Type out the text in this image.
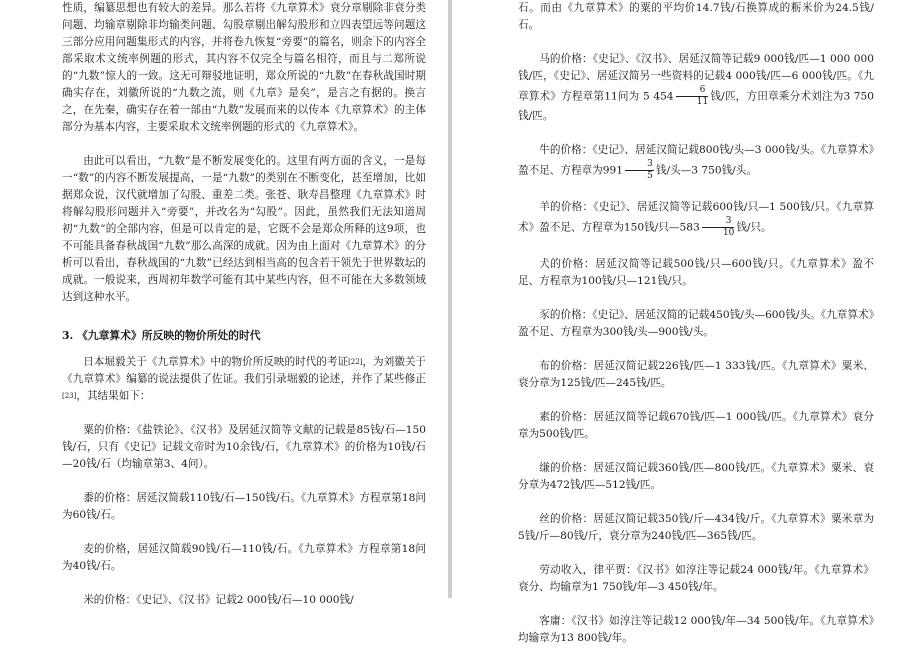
性质，编纂思想也有较大的差异。那么若将《九章算术》衰分章剔除非衰分类问题、均输章剔除非均输类问题、勾股章剔出解勾股形和立四表望远等问题这三部分应用问题集形式的内容，并将卷九恢复“旁要”的篇名，则余下的内容全部采取术文统率例题的形式，其内容不仅完全与篇名相符，而且与二郑所说的“九数”惊人的一致。这无可辩驳地证明，郑众所说的“九数”在春秋战国时期确实存在，刘徽所说的“九数之流，则《九章》是矣”，是言之有据的。换言之，在先秦，确实存在着一部由“九数”发展而来的以传本《九章算术》的主体部分为基本内容，主要采取术文统率例题的形式的《九章算术》。

由此可以看出，“九数”是不断发展变化的。这里有两方面的含义，一是每一“数”的内容不断发展提高，一是“九数”的类别在不断变化，甚至增加，比如据郑众说，汉代就增加了勾股、重差二类。张苍、耿寿昌整理《九章算术》时将解勾股形问题并入“旁要”，并改名为“勾股”。因此，虽然我们无法知道周初“九数”的全部内容，但是可以肯定的是，它既不会是郑众所释的这9项，也不可能具备春秋战国“九数”那么高深的成就。因为由上面对《九章算术》的分析可以看出，春秋战国的“九数”已经达到相当高的包含若干领先于世界数坛的成就。一般说来，西周初年数学可能有其中某些内容，但不可能在大多数领域达到这种水平。

3. 《九章算术》所反映的物价所处的时代

日本堀毅关于《九章算术》中的物价所反映的时代的考证[22]，为刘徽关于《九章算术》编纂的说法提供了佐证。我们引录堀毅的论述，并作了某些修正[23]，其结果如下：

粟的价格：《盐铁论》、《汉书》及居延汉简等文献的记载是85钱/石—150钱/石，只有《史记》记载文帝时为10余钱/石，《九章算术》的价格为10钱/石—20钱/石（均输章第3、4问）。

黍的价格：居延汉简载110钱/石—150钱/石。《九章算术》方程章第18问为60钱/石。

麦的价格，居延汉简载90钱/石—110钱/石。《九章算术》方程章第18问为40钱/石。

米的价格：《史记》、《汉书》记载2 000钱/石—10 000钱/

石。而由《九章算术》的粟的平均价14.7钱/石换算成的粝米价为24.5钱/石。

马的价格：《史记》、《汉书》、居延汉简等记载9 000钱/匹—1 000 000钱/匹，《史记》、居延汉简另一些资料的记载4 000钱/匹—6 000钱/匹。《九章算术》方程章第11问为 5 $454 \frac{6}{11}$ 钱/匹，方田章乘分术刘注为3 750钱/匹。

牛的价格：《史记》、居延汉简记载800钱/头—3 000钱/头。《九章算术》盈不足、方程章为$991 \frac{3}{5}$ 钱/头—3 750钱/头。

羊的价格：《史记》、居延汉简等记载600钱/只—1 500钱/只。《九章算术》盈不足、方程章为150钱/只—583 $\frac{3}{10}$ 钱/只。

犬的价格：居延汉简等记载500钱/只—600钱/只。《九章算术》盈不足、方程章为100钱/只—121钱/只。

豕的价格：《史记》、居延汉简的记载450钱/头—600钱/头。《九章算术》盈不足、方程章为300钱/头—900钱/头。

布的价格：居延汉简记载226钱/匹—1 333钱/匹。《九章算术》粟米、衰分章为125钱/匹—245钱/匹。

素的价格：居延汉简等记载670钱/匹—1 000钱/匹。《九章算术》衰分章为500钱/匹。

缣的价格：居延汉简记载360钱/匹—800钱/匹。《九章算术》粟米、衰分章为472钱/匹—512钱/匹。

丝的价格：居延汉简记载350钱/斤—434钱/斤。《九章算术》粟米章为5钱/斤—80钱/斤，衰分章为240钱/匹—365钱/匹。

劳动收入，律平贾：《汉书》如淳注等记载24 000钱/年。《九章算术》衰分、均输章为1 750钱/年—3 450钱/年。

客庸：《汉书》如淳注等记载12 000钱/年—34 500钱/年。《九章算术》均输章为13 800钱/年。
